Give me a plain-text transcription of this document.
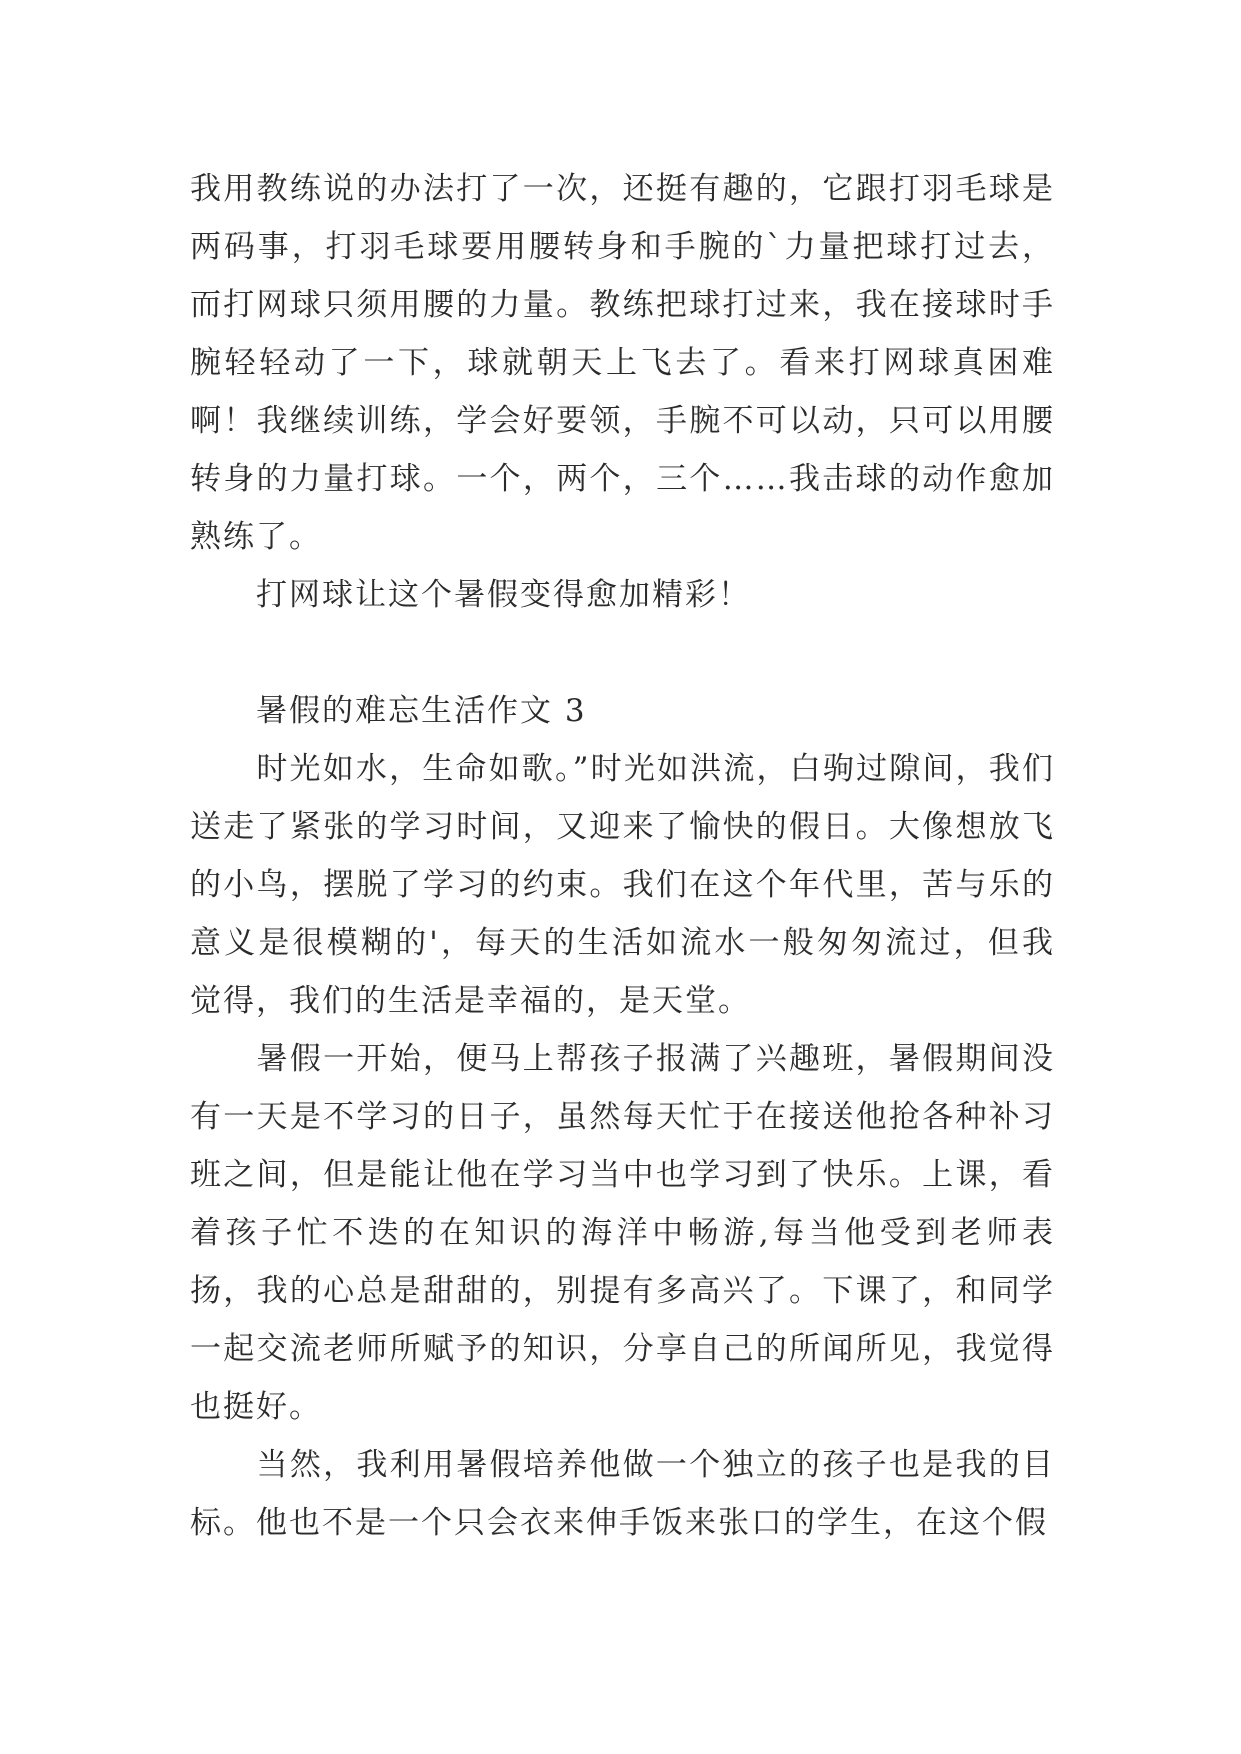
我用教练说的办法打了一次，还挺有趣的，它跟打羽毛球是两码事，打羽毛球要用腰转身和手腕的`力量把球打过去，而打网球只须用腰的力量。教练把球打过来，我在接球时手腕轻轻动了一下，球就朝天上飞去了。看来打网球真困难啊！我继续训练，学会好要领，手腕不可以动，只可以用腰转身的力量打球。一个，两个，三个……我击球的动作愈加熟练了。

　　打网球让这个暑假变得愈加精彩！

　　暑假的难忘生活作文 3

　　时光如水，生命如歌。”时光如洪流，白驹过隙间，我们送走了紧张的学习时间，又迎来了愉快的假日。大像想放飞的小鸟，摆脱了学习的约束。我们在这个年代里，苦与乐的意义是很模糊的'，每天的生活如流水一般匆匆流过，但我觉得，我们的生活是幸福的，是天堂。

　　暑假一开始，便马上帮孩子报满了兴趣班，暑假期间没有一天是不学习的日子，虽然每天忙于在接送他抢各种补习班之间，但是能让他在学习当中也学习到了快乐。上课，看着孩子忙不迭的在知识的海洋中畅游,每当他受到老师表扬，我的心总是甜甜的，别提有多高兴了。下课了，和同学一起交流老师所赋予的知识，分享自己的所闻所见，我觉得也挺好。

　　当然，我利用暑假培养他做一个独立的孩子也是我的目标。他也不是一个只会衣来伸手饭来张口的学生，在这个假
